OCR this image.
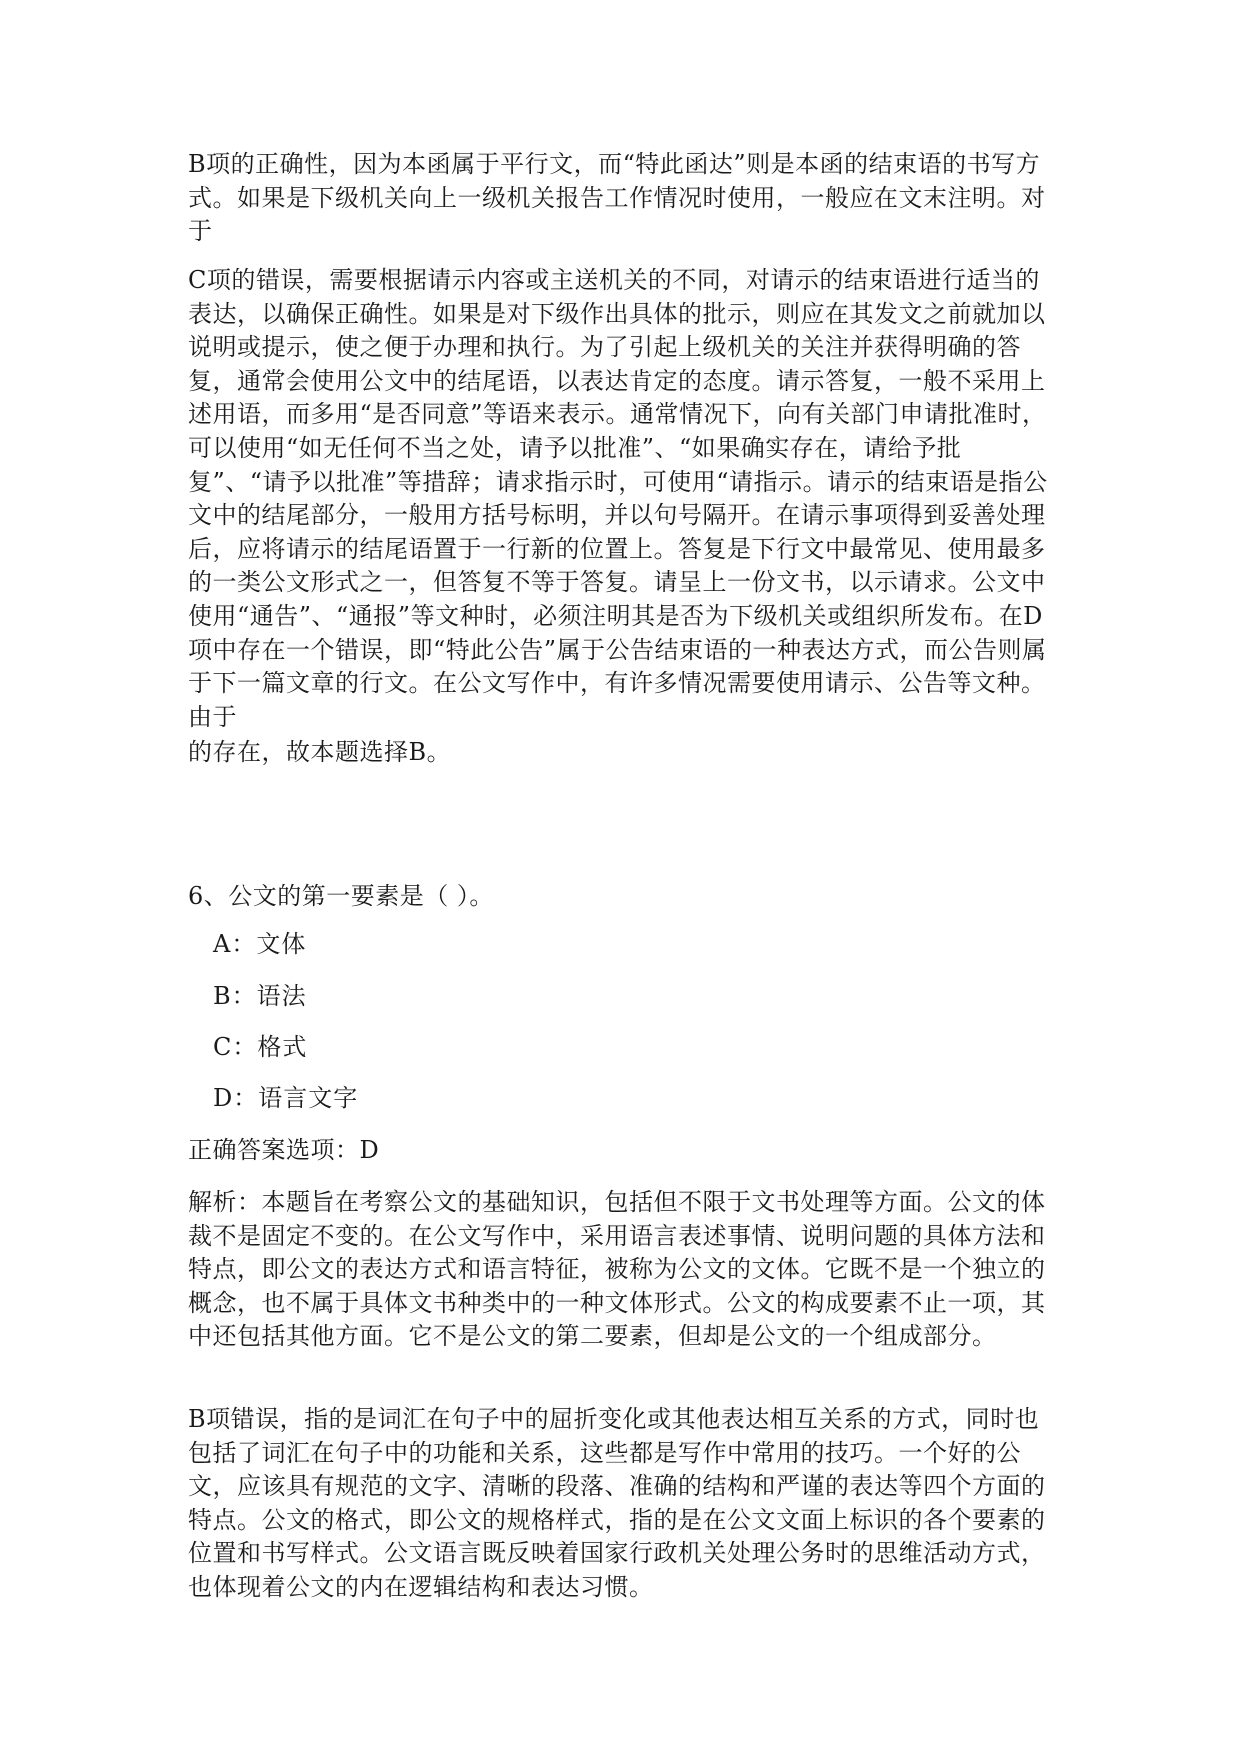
B项的正确性，因为本函属于平行文，而“特此函达”则是本函的结束语的书写方式。如果是下级机关向上一级机关报告工作情况时使用，一般应在文末注明。对于
C项的错误，需要根据请示内容或主送机关的不同，对请示的结束语进行适当的表达，以确保正确性。如果是对下级作出具体的批示，则应在其发文之前就加以说明或提示，使之便于办理和执行。为了引起上级机关的关注并获得明确的答复，通常会使用公文中的结尾语，以表达肯定的态度。请示答复，一般不采用上述用语，而多用“是否同意”等语来表示。通常情况下，向有关部门申请批准时，可以使用“如无任何不当之处，请予以批准”、“如果确实存在，请给予批复”、“请予以批准”等措辞；请求指示时，可使用“请指示。请示的结束语是指公文中的结尾部分，一般用方括号标明，并以句号隔开。在请示事项得到妥善处理后，应将请示的结尾语置于一行新的位置上。答复是下行文中最常见、使用最多的一类公文形式之一，但答复不等于答复。请呈上一份文书，以示请求。公文中使用“通告”、“通报”等文种时，必须注明其是否为下级机关或组织所发布。在D项中存在一个错误，即“特此公告”属于公告结束语的一种表达方式，而公告则属于下一篇文章的行文。在公文写作中，有许多情况需要使用请示、公告等文种。由于
的存在，故本题选择B。
6、公文的第一要素是（ ）。
A：文体
B：语法
C：格式
D：语言文字
正确答案选项：D
解析：本题旨在考察公文的基础知识，包括但不限于文书处理等方面。公文的体裁不是固定不变的。在公文写作中，采用语言表述事情、说明问题的具体方法和特点，即公文的表达方式和语言特征，被称为公文的文体。它既不是一个独立的概念，也不属于具体文书种类中的一种文体形式。公文的构成要素不止一项，其中还包括其他方面。它不是公文的第二要素，但却是公文的一个组成部分。
B项错误，指的是词汇在句子中的屈折变化或其他表达相互关系的方式，同时也包括了词汇在句子中的功能和关系，这些都是写作中常用的技巧。一个好的公文，应该具有规范的文字、清晰的段落、准确的结构和严谨的表达等四个方面的特点。公文的格式，即公文的规格样式，指的是在公文文面上标识的各个要素的位置和书写样式。公文语言既反映着国家行政机关处理公务时的思维活动方式，也体现着公文的内在逻辑结构和表达习惯。
